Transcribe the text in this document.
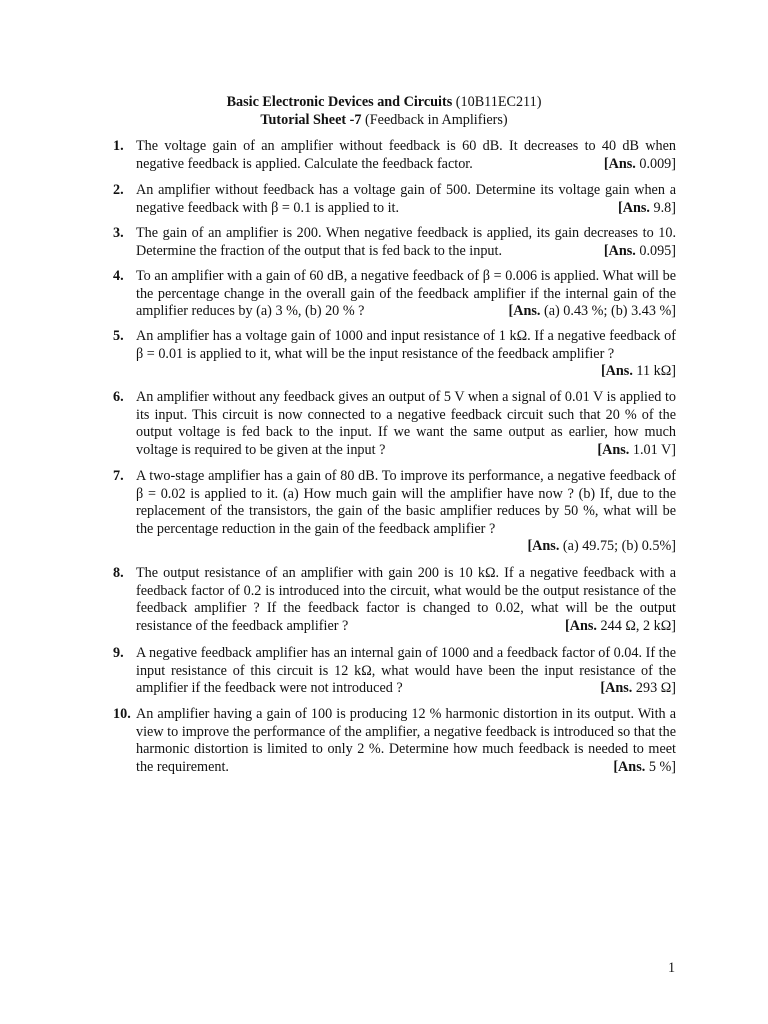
Basic Electronic Devices and Circuits (10B11EC211)
Tutorial Sheet -7 (Feedback in Amplifiers)
1. The voltage gain of an amplifier without feedback is 60 dB. It decreases to 40 dB when negative feedback is applied. Calculate the feedback factor.	[Ans. 0.009]
2. An amplifier without feedback has a voltage gain of 500. Determine its voltage gain when a negative feedback with β = 0.1 is applied to it.	[Ans. 9.8]
3. The gain of an amplifier is 200. When negative feedback is applied, its gain decreases to 10. Determine the fraction of the output that is fed back to the input.	[Ans. 0.095]
4. To an amplifier with a gain of 60 dB, a negative feedback of β = 0.006 is applied. What will be the percentage change in the overall gain of the feedback amplifier if the internal gain of the amplifier reduces by (a) 3 %, (b) 20 % ?	[Ans. (a) 0.43 %; (b) 3.43 %]
5. An amplifier has a voltage gain of 1000 and input resistance of 1 kΩ. If a negative feedback of β = 0.01 is applied to it, what will be the input resistance of the feedback amplifier ?
[Ans. 11 kΩ]
6. An amplifier without any feedback gives an output of 5 V when a signal of 0.01 V is applied to its input. This circuit is now connected to a negative feedback circuit such that 20 % of the output voltage is fed back to the input. If we want the same output as earlier, how much voltage is required to be given at the input ?	[Ans. 1.01 V]
7. A two-stage amplifier has a gain of 80 dB. To improve its performance, a negative feedback of β = 0.02 is applied to it. (a) How much gain will the amplifier have now ? (b) If, due to the replacement of the transistors, the gain of the basic amplifier reduces by 50 %, what will be the percentage reduction in the gain of the feedback amplifier ?
[Ans. (a) 49.75; (b) 0.5%]
8. The output resistance of an amplifier with gain 200 is 10 kΩ. If a negative feedback with a feedback factor of 0.2 is introduced into the circuit, what would be the output resistance of the feedback amplifier ? If the feedback factor is changed to 0.02, what will be the output resistance of the feedback amplifier ?	[Ans. 244 Ω, 2 kΩ]
9. A negative feedback amplifier has an internal gain of 1000 and a feedback factor of 0.04. If the input resistance of this circuit is 12 kΩ, what would have been the input resistance of the amplifier if the feedback were not introduced ?	[Ans. 293 Ω]
10. An amplifier having a gain of 100 is producing 12 % harmonic distortion in its output. With a view to improve the performance of the amplifier, a negative feedback is introduced so that the harmonic distortion is limited to only 2 %. Determine how much feedback is needed to meet the requirement.	[Ans. 5 %]
1
